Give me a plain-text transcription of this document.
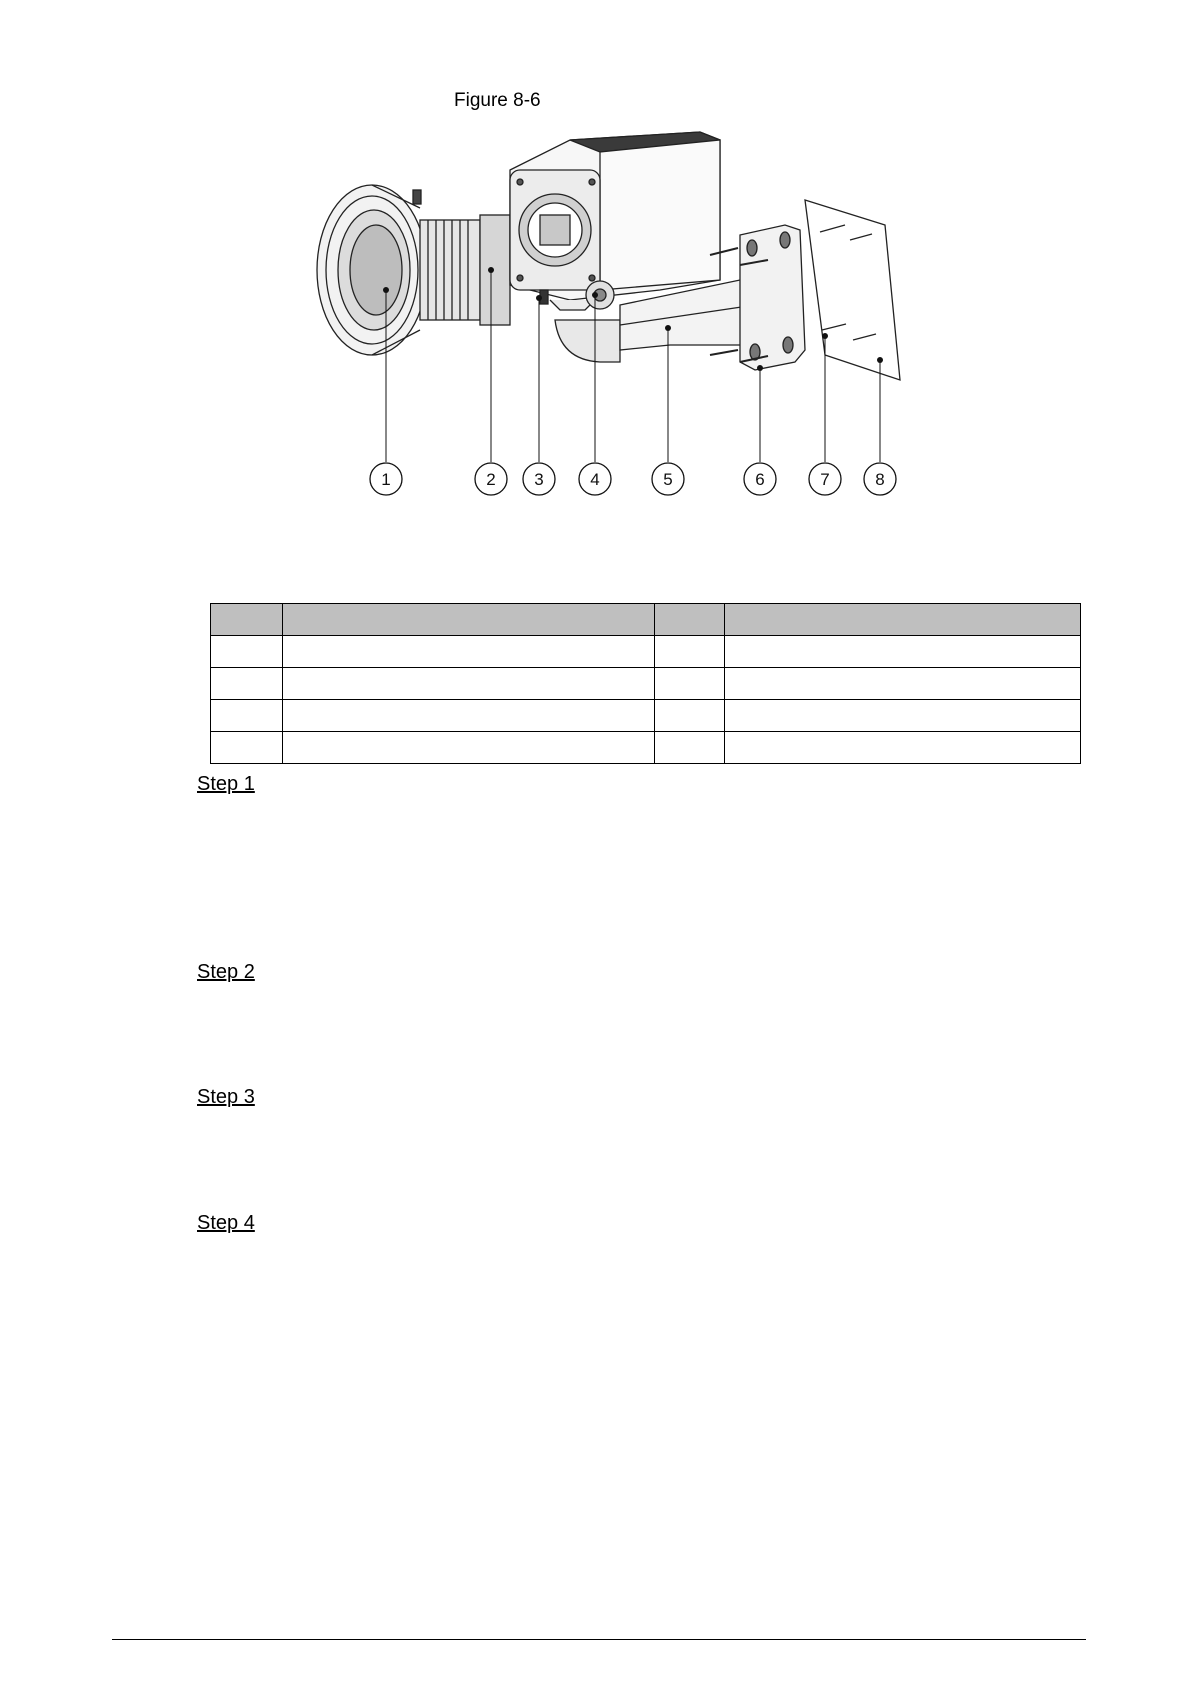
Figure 8-6
1	2 3	4	5	6	7	8

Step 1
Step 2
Step 3
Step 4
